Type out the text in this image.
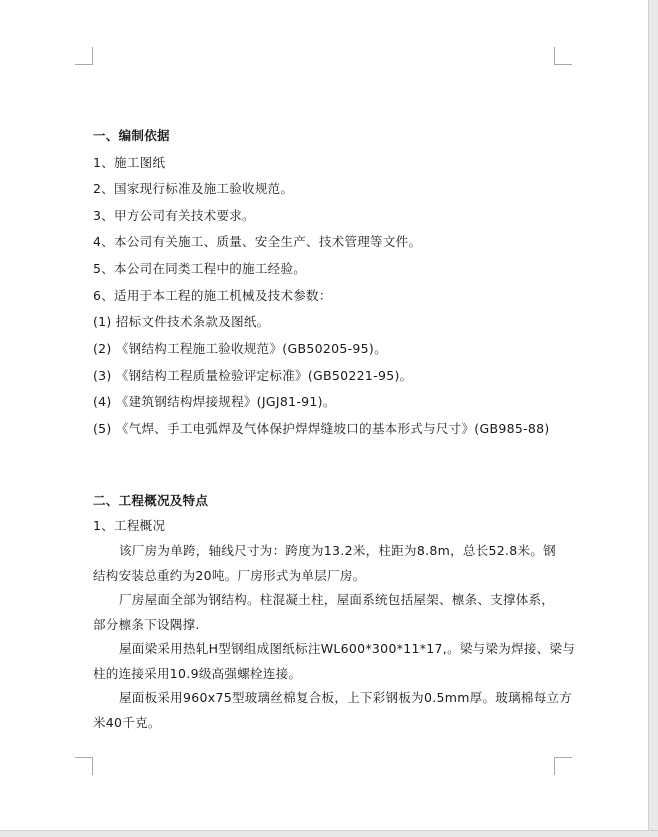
一、编制依据
1、施工图纸
2、国家现行标准及施工验收规范。
3、甲方公司有关技术要求。
4、本公司有关施工、质量、安全生产、技术管理等文件。
5、本公司在同类工程中的施工经验。
6、适用于本工程的施工机械及技术参数：
(1) 招标文件技术条款及图纸。
(2) 《钢结构工程施工验收规范》(GB50205-95)。
(3) 《钢结构工程质量检验评定标准》(GB50221-95)。
(4) 《建筑钢结构焊接规程》(JGJ81-91)。
(5) 《气焊、手工电弧焊及气体保护焊焊缝坡口的基本形式与尺寸》(GB985-88)
二、工程概况及特点
1、工程概况
该厂房为单跨，轴线尺寸为：跨度为13.2米，柱距为8.8m，总长52.8米。钢
结构安装总重约为20吨。厂房形式为单层厂房。
厂房屋面全部为钢结构。柱混凝土柱，屋面系统包括屋架、檩条、支撑体系，
部分檩条下设隅撑.
屋面梁采用热轧H型钢组成图纸标注WL600*300*11*17,。梁与梁为焊接、梁与
柱的连接采用10.9级高强螺栓连接。
屋面板采用960x75型玻璃丝棉复合板，上下彩钢板为0.5mm厚。玻璃棉每立方
米40千克。
